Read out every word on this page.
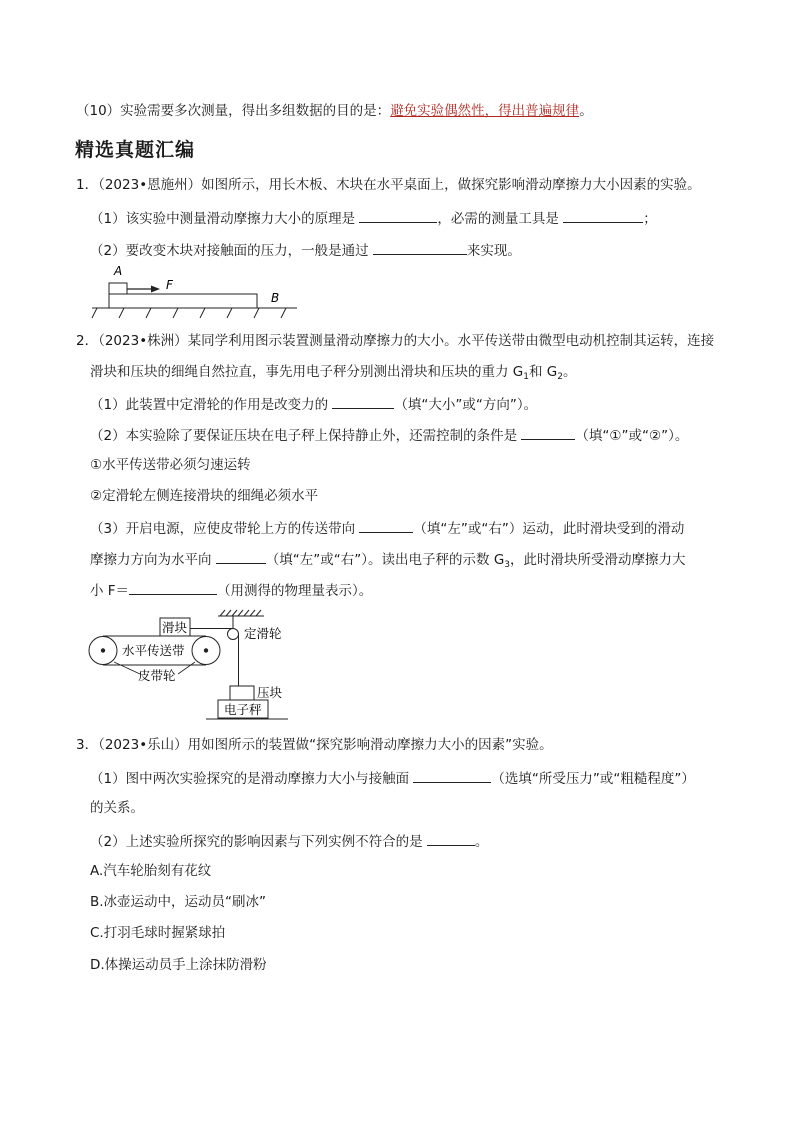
（10）实验需要多次测量，得出多组数据的目的是：避免实验偶然性，得出普遍规律。
精选真题汇编
1．（2023•恩施州）如图所示，用长木板、木块在水平桌面上，做探究影响滑动摩擦力大小因素的实验。
（1）该实验中测量滑动摩擦力大小的原理是	，必需的测量工具是	；
（2）要改变木块对接触面的压力，一般是通过	来实现。
A
F
B
2．（2023•株洲）某同学利用图示装置测量滑动摩擦力的大小。水平传送带由微型电动机控制其运转，连接
滑块和压块的细绳自然拉直，事先用电子秤分别测出滑块和压块的重力 $G_1$和 $G_2$。
（1）此装置中定滑轮的作用是改变力的	（填“大小”或“方向”）。
（2）本实验除了要保证压块在电子秤上保持静止外，还需控制的条件是	（填“①”或“②”）。
①水平传送带必须匀速运转
②定滑轮左侧连接滑块的细绳必须水平
（3）开启电源，应使皮带轮上方的传送带向	（填“左”或“右”）运动，此时滑块受到的滑动
摩擦力方向为水平向	（填“左”或“右”）。读出电子秤的示数 $G_3$，此时滑块所受滑动摩擦力大
小 F＝	（用测得的物理量表示）。
定滑轮
滑块
水平传送带
皮带轮
压块
电子秤
3．（2023•乐山）用如图所示的装置做“探究影响滑动摩擦力大小的因素”实验。
（1）图中两次实验探究的是滑动摩擦力大小与接触面	（选填“所受压力”或“粗糙程度”）
的关系。
（2）上述实验所探究的影响因素与下列实例不符合的是	。
A.汽车轮胎刻有花纹
B.冰壶运动中，运动员“刷冰”
C.打羽毛球时握紧球拍
D.体操运动员手上涂抹防滑粉
